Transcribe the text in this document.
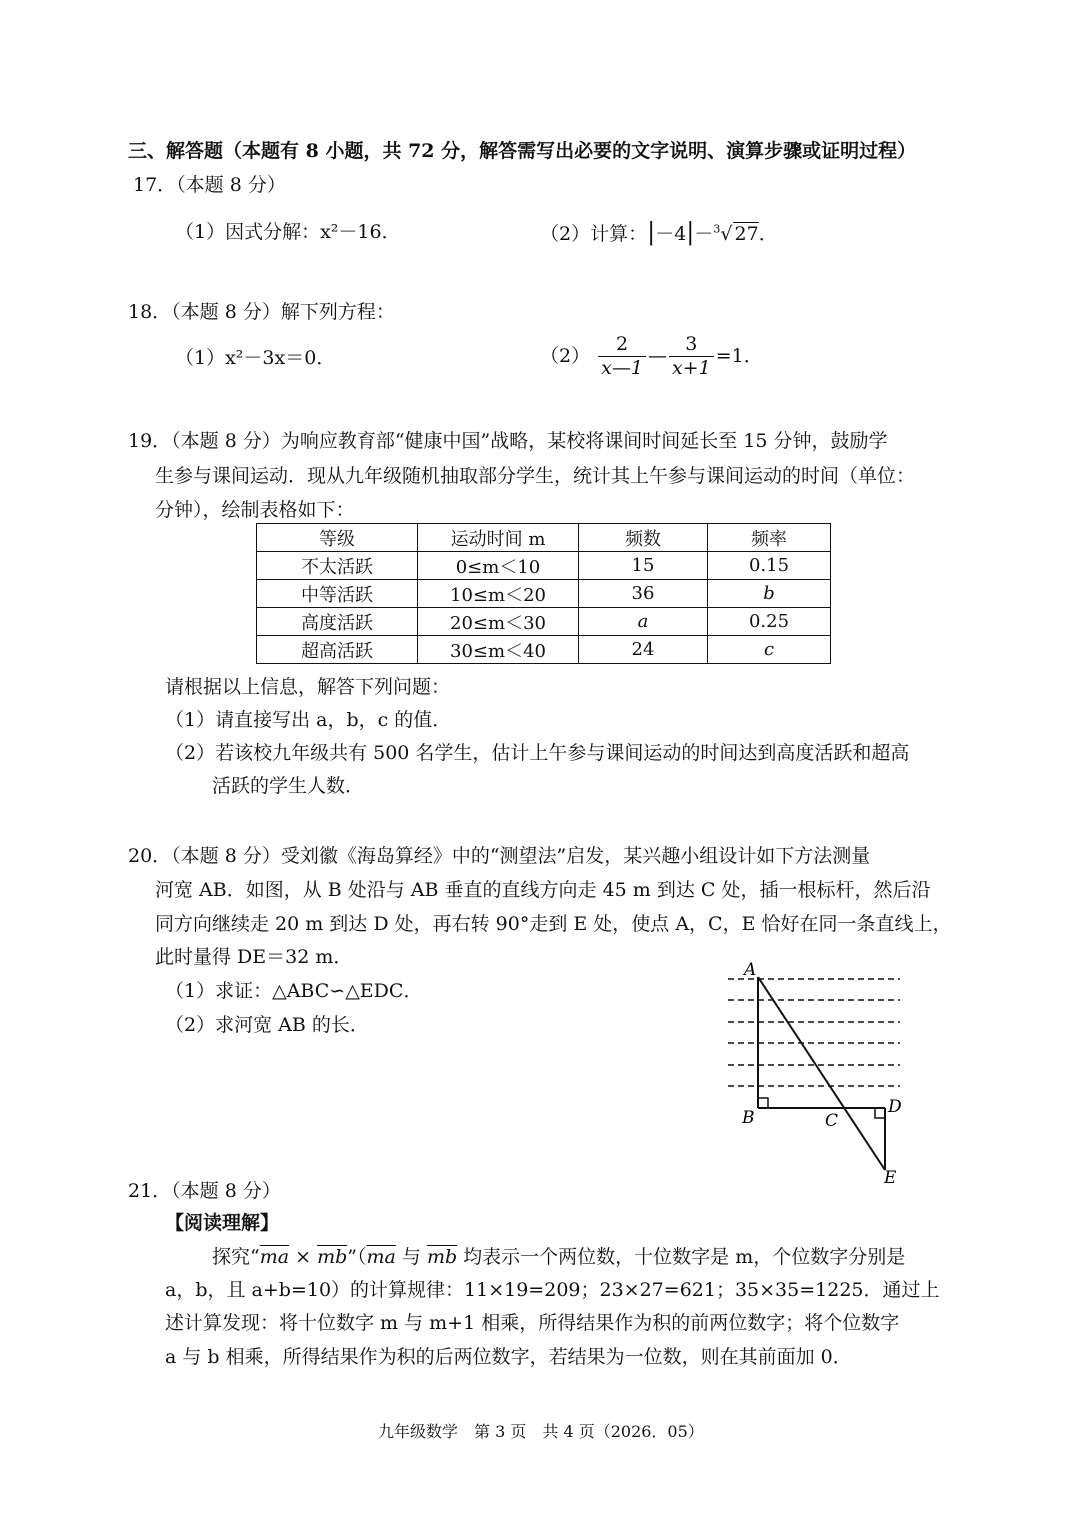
三、解答题（本题有 8 小题，共 72 分，解答需写出必要的文字说明、演算步骤或证明过程）
17．（本题 8 分）
（1）因式分解：x²－16．	（2）计算：|－4|－$^3$√ 27．
18．（本题 8 分）解下列方程：
（1）x²－3x＝0．	$(2) \frac{2}{x—1}$ — $\frac{3}{x+1} =1$．
19．（本题 8 分）为响应教育部“健康中国”战略，某校将课间时间延长至 15 分钟，鼓励学
生参与课间运动．现从九年级随机抽取部分学生，统计其上午参与课间运动的时间（单位：
分钟），绘制表格如下：
等级	运动时间 m	频数	频率
不太活跃	0≤m＜10	15	0.15
中等活跃	10≤m＜20	36	b
高度活跃	20≤m＜30	a	0.25
超高活跃	30≤m＜40	24	c
请根据以上信息，解答下列问题：
（1）请直接写出 a，b，c 的值．
（2）若该校九年级共有 500 名学生，估计上午参与课间运动的时间达到高度活跃和超高
活跃的学生人数．
20．（本题 8 分）受刘徽《海岛算经》中的“测望法”启发，某兴趣小组设计如下方法测量
河宽 AB．如图，从 B 处沿与 AB 垂直的直线方向走 45 m 到达 C 处，插一根标杆，然后沿
同方向继续走 20 m 到达 D 处，再右转 90°走到 E 处，使点 A，C，E 恰好在同一条直线上，
此时量得 DE＝32 m．
（1）求证：△ABC∽△EDC．
（2）求河宽 AB 的长．
A
B	C
D
E
21．（本题 8 分）
【阅读理解】
探究“$\overline{ma}$ × $\overline{mb}”(\overline{ma}$ 与 $\overline{mb}$ 均表示一个两位数，十位数字是 m，个位数字分别是
a，b，且 a+b=10）的计算规律：11×19=209；23×27=621；35×35=1225．通过上
述计算发现：将十位数字 m 与 m+1 相乘，所得结果作为积的前两位数字；将个位数字
a 与 b 相乘，所得结果作为积的后两位数字，若结果为一位数，则在其前面加 0．
九年级数学　第 3 页　共 4 页（2026．05）
